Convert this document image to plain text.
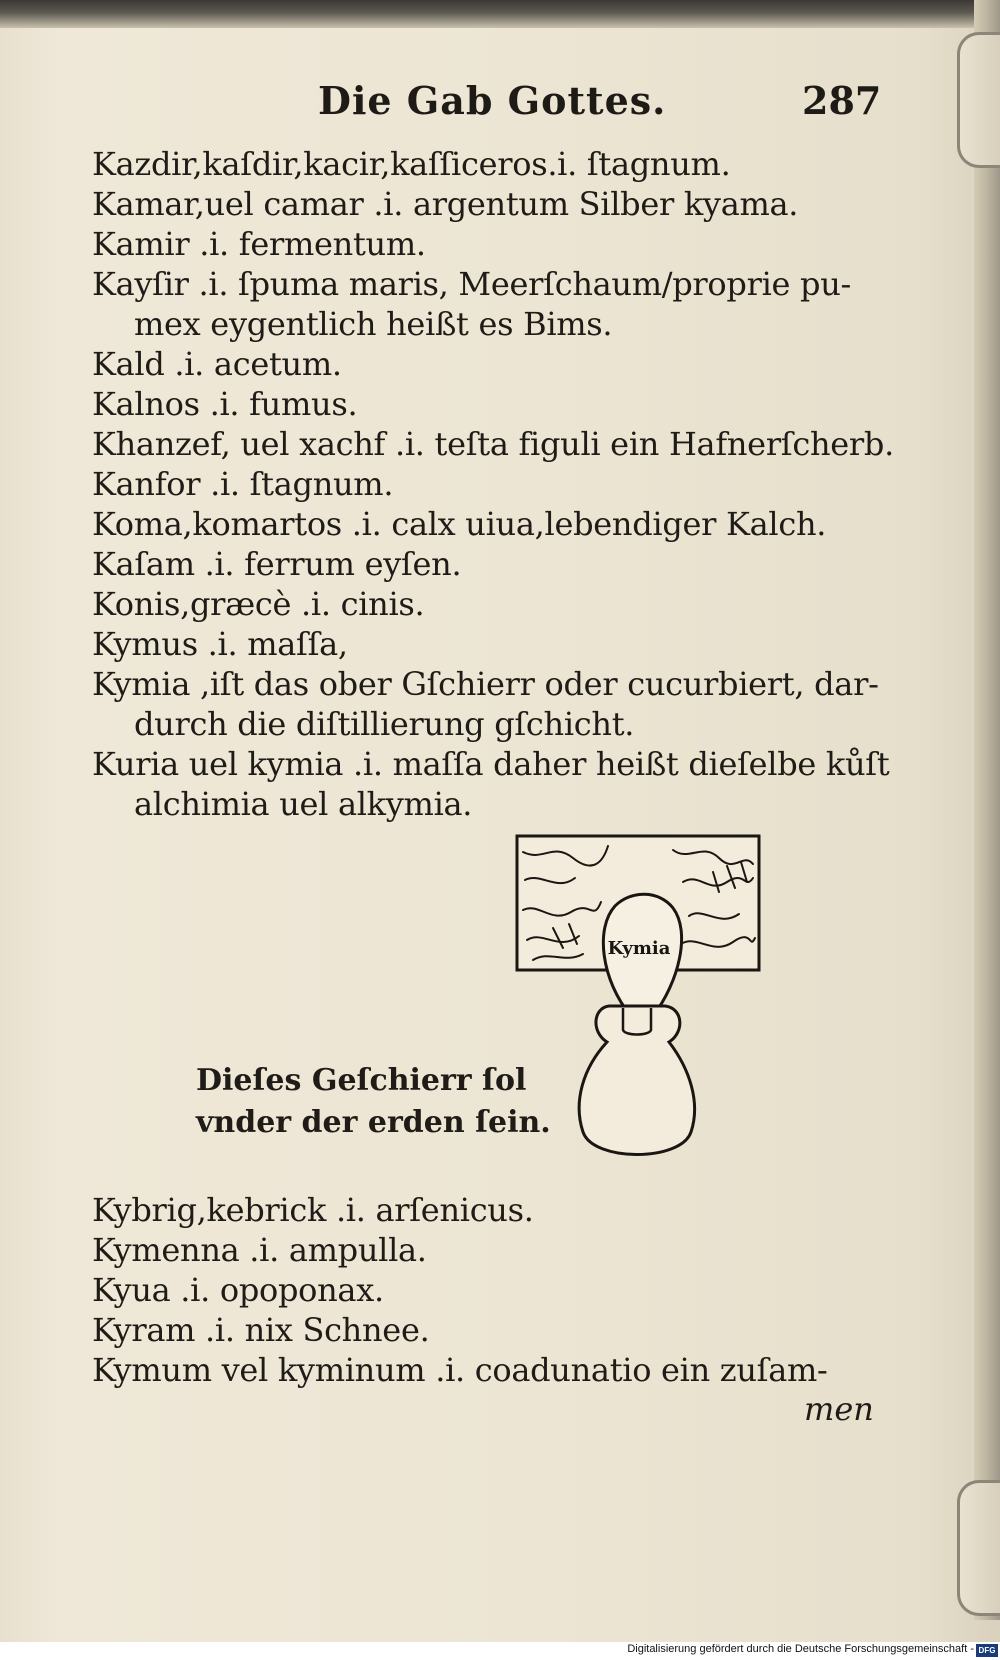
Die Gab Gottes.	287
Kazdir,kaſdir,kacir,kaſſiceros.i. ſtagnum.
Kamar,uel camar .i. argentum Silber kyama.
Kamir .i. fermentum.
Kayſir .i. ſpuma maris, Meerſchaum/proprie pu-
mex eygentlich heißt es Bims.
Kald .i. acetum.
Kalnos .i. fumus.
Khanzef, uel xachf .i. teſta figuli ein Hafnerſcherb.
Kanfor .i. ſtagnum.
Koma,komartos .i. calx uiua,lebendiger Kalch.
Kaſam .i. ferrum eyſen.
Konis,græcè .i. cinis.
Kymus .i. maſſa,
Kymia ,iſt das ober Gſchierr oder cucurbiert, dar-
durch die diſtillierung gſchicht.
Kuria uel kymia .i. maſſa daher heißt dieſelbe kůſt
alchimia uel alkymia.
Kymia
Dieſes Geſchierr ſol
vnder der erden ſein.
Kybrig,kebrick .i. arſenicus.
Kymenna .i. ampulla.
Kyua .i. opoponax.
Kyram .i. nix Schnee.
Kymum vel kyminum .i. coadunatio ein zuſam-
men
Digitalisierung gefördert durch die Deutsche Forschungsgemeinschaft - DFG
